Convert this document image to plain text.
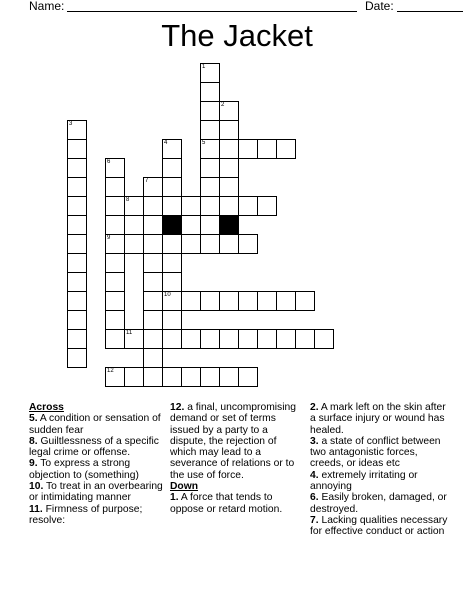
Name:	Date:
The Jacket
1
5
2
3
4
10
6
9
7
8
11
12
Across
5. A condition or sensation of sudden fear
8. Guiltlessness of a specific legal crime or offense.
9. To express a strong objection to (something)
10. To treat in an overbearing or intimidating manner
11. Firmness of purpose; resolve:
12. a final, uncompromising demand or set of terms issued by a party to a dispute, the rejection of which may lead to a severance of relations or to the use of force.
Down
1. A force that tends to oppose or retard motion.
2. A mark left on the skin after a surface injury or wound has healed.
3. a state of conflict between two antagonistic forces, creeds, or ideas etc
4. extremely irritating or annoying
6. Easily broken, damaged, or destroyed.
7. Lacking qualities necessary for effective conduct or action
